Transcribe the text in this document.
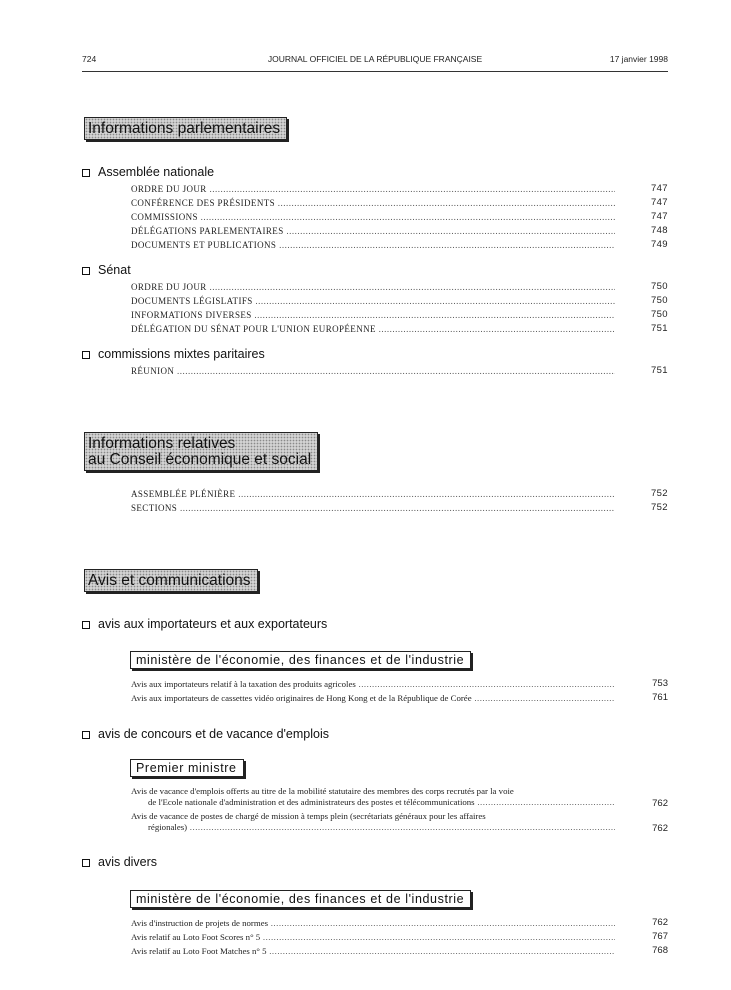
724	JOURNAL OFFICIEL DE LA RÉPUBLIQUE FRANÇAISE	17 janvier 1998
Informations parlementaires
Assemblée nationale
ORDRE DU JOUR .....	747
CONFÉRENCE DES PRÉSIDENTS .....	747
COMMISSIONS .....	747
DÉLÉGATIONS PARLEMENTAIRES .....	748
DOCUMENTS ET PUBLICATIONS .....	749
Sénat
ORDRE DU JOUR .....	750
DOCUMENTS LÉGISLATIFS .....	750
INFORMATIONS DIVERSES .....	750
DÉLÉGATION DU SÉNAT POUR L'UNION EUROPÉENNE .....	751
commissions mixtes paritaires
RÉUNION .....	751
Informations relatives
au Conseil économique et social
ASSEMBLÉE PLÉNIÈRE .....	752
SECTIONS .....	752
Avis et communications
avis aux importateurs et aux exportateurs
ministère de l'économie, des finances et de l'industrie
Avis aux importateurs relatif à la taxation des produits agricoles .....	753
Avis aux importateurs de cassettes vidéo originaires de Hong Kong et de la République de Corée .....	761
avis de concours et de vacance d'emplois
Premier ministre
Avis de vacance d'emplois offerts au titre de la mobilité statutaire des membres des corps recrutés par la voie
de l'Ecole nationale d'administration et des administrateurs des postes et télécommunications .....	762
Avis de vacance de postes de chargé de mission à temps plein (secrétariats généraux pour les affaires
régionales) .....	762
avis divers
ministère de l'économie, des finances et de l'industrie
Avis d'instruction de projets de normes .....	762
Avis relatif au Loto Foot Scores n° 5 .....	767
Avis relatif au Loto Foot Matches n° 5 .....	768
